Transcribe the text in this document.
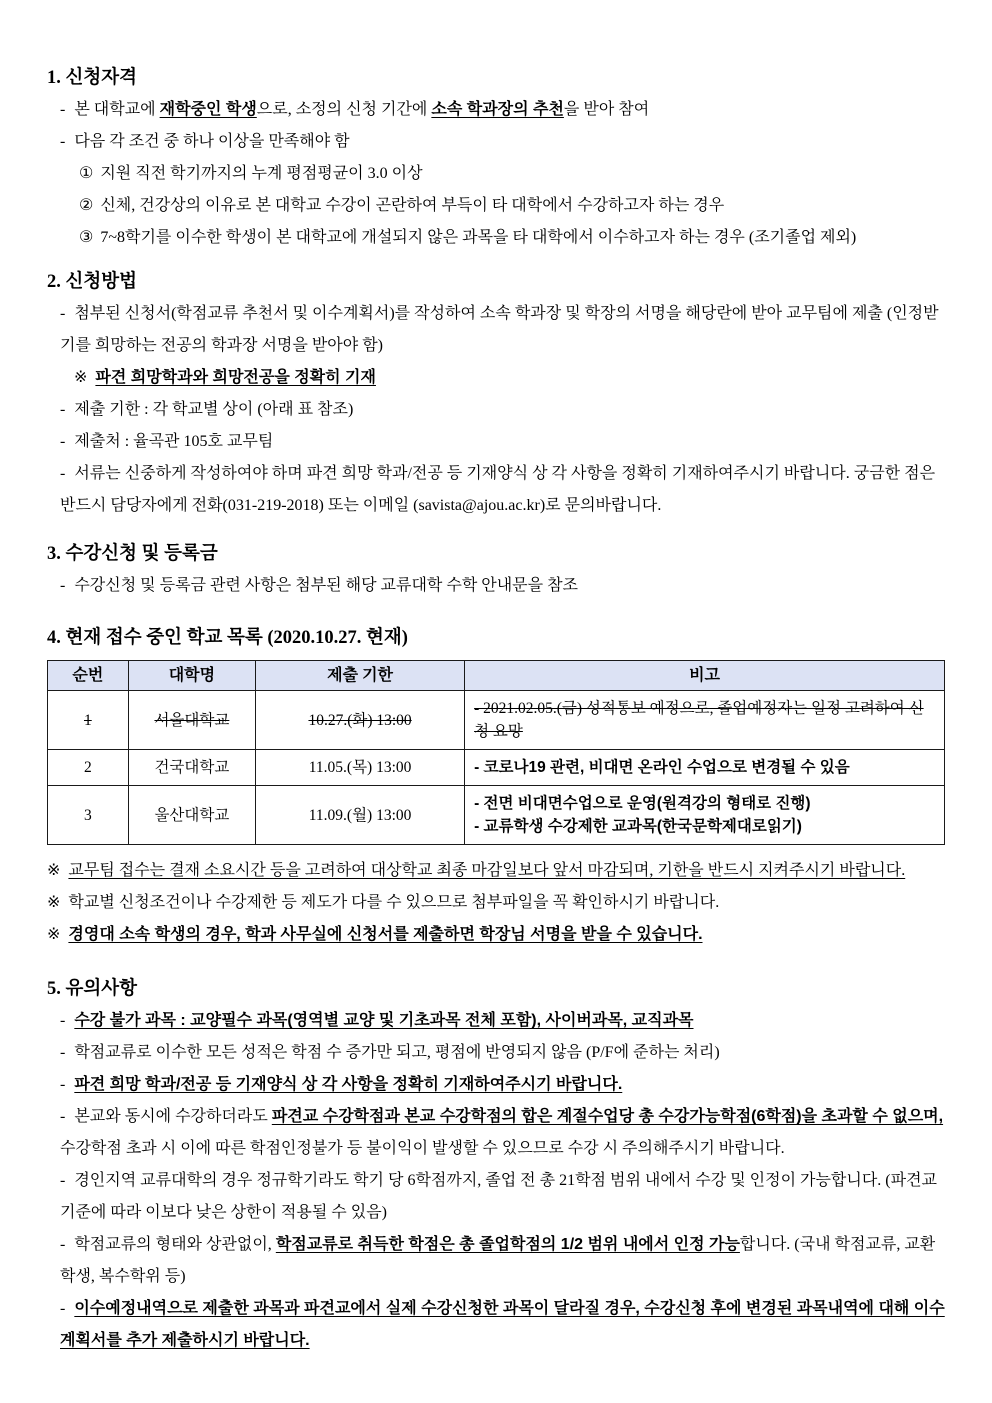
1. 신청자격
- 본 대학교에 재학중인 학생으로, 소정의 신청 기간에 소속 학과장의 추천을 받아 참여
- 다음 각 조건 중 하나 이상을 만족해야 함
① 지원 직전 학기까지의 누계 평점평균이 3.0 이상
② 신체, 건강상의 이유로 본 대학교 수강이 곤란하여 부득이 타 대학에서 수강하고자 하는 경우
③ 7~8학기를 이수한 학생이 본 대학교에 개설되지 않은 과목을 타 대학에서 이수하고자 하는 경우 (조기졸업 제외)
2. 신청방법
- 첨부된 신청서(학점교류 추천서 및 이수계획서)를 작성하여 소속 학과장 및 학장의 서명을 해당란에 받아 교무팀에 제출 (인정받기를 희망하는 전공의 학과장 서명을 받아야 함)
※ 파견 희망학과와 희망전공을 정확히 기재
- 제출 기한 : 각 학교별 상이 (아래 표 참조)
- 제출처 : 율곡관 105호 교무팀
- 서류는 신중하게 작성하여야 하며 파견 희망 학과/전공 등 기재양식 상 각 사항을 정확히 기재하여주시기 바랍니다. 궁금한 점은 반드시 담당자에게 전화(031-219-2018) 또는 이메일 (savista@ajou.ac.kr)로 문의바랍니다.
3. 수강신청 및 등록금
- 수강신청 및 등록금 관련 사항은 첨부된 해당 교류대학 수학 안내문을 참조
4. 현재 접수 중인 학교 목록 (2020.10.27. 현재)
순번	대학명	제출 기한	비고
1	서울대학교	10.27.(화) 13:00	- 2021.02.05.(금) 성적통보 예정으로, 졸업예정자는 일정 고려하여 신청 요망

2	건국대학교	11.05.(목) 13:00	- 코로나19 관련, 비대면 온라인 수업으로 변경될 수 있음

3	울산대학교	11.09.(월) 13:00	- 전면 비대면수업으로 운영(원격강의 형태로 진행)
- 교류학생 수강제한 교과목(한국문학제대로읽기)
※ 교무팀 접수는 결재 소요시간 등을 고려하여 대상학교 최종 마감일보다 앞서 마감되며, 기한을 반드시 지켜주시기 바랍니다.
※ 학교별 신청조건이나 수강제한 등 제도가 다를 수 있으므로 첨부파일을 꼭 확인하시기 바랍니다.
※ 경영대 소속 학생의 경우, 학과 사무실에 신청서를 제출하면 학장님 서명을 받을 수 있습니다.
5. 유의사항
- 수강 불가 과목 : 교양필수 과목(영역별 교양 및 기초과목 전체 포함), 사이버과목, 교직과목
- 학점교류로 이수한 모든 성적은 학점 수 증가만 되고, 평점에 반영되지 않음 (P/F에 준하는 처리)
- 파견 희망 학과/전공 등 기재양식 상 각 사항을 정확히 기재하여주시기 바랍니다.
- 본교와 동시에 수강하더라도 파견교 수강학점과 본교 수강학점의 합은 계절수업당 총 수강가능학점(6학점)을 초과할 수 없으며, 수강학점 초과 시 이에 따른 학점인정불가 등 불이익이 발생할 수 있으므로 수강 시 주의해주시기 바랍니다.
- 경인지역 교류대학의 경우 정규학기라도 학기 당 6학점까지, 졸업 전 총 21학점 범위 내에서 수강 및 인정이 가능합니다. (파견교 기준에 따라 이보다 낮은 상한이 적용될 수 있음)
- 학점교류의 형태와 상관없이, 학점교류로 취득한 학점은 총 졸업학점의 1/2 범위 내에서 인정 가능합니다. (국내 학점교류, 교환학생, 복수학위 등)
- 이수예정내역으로 제출한 과목과 파견교에서 실제 수강신청한 과목이 달라질 경우, 수강신청 후에 변경된 과목내역에 대해 이수계획서를 추가 제출하시기 바랍니다.
